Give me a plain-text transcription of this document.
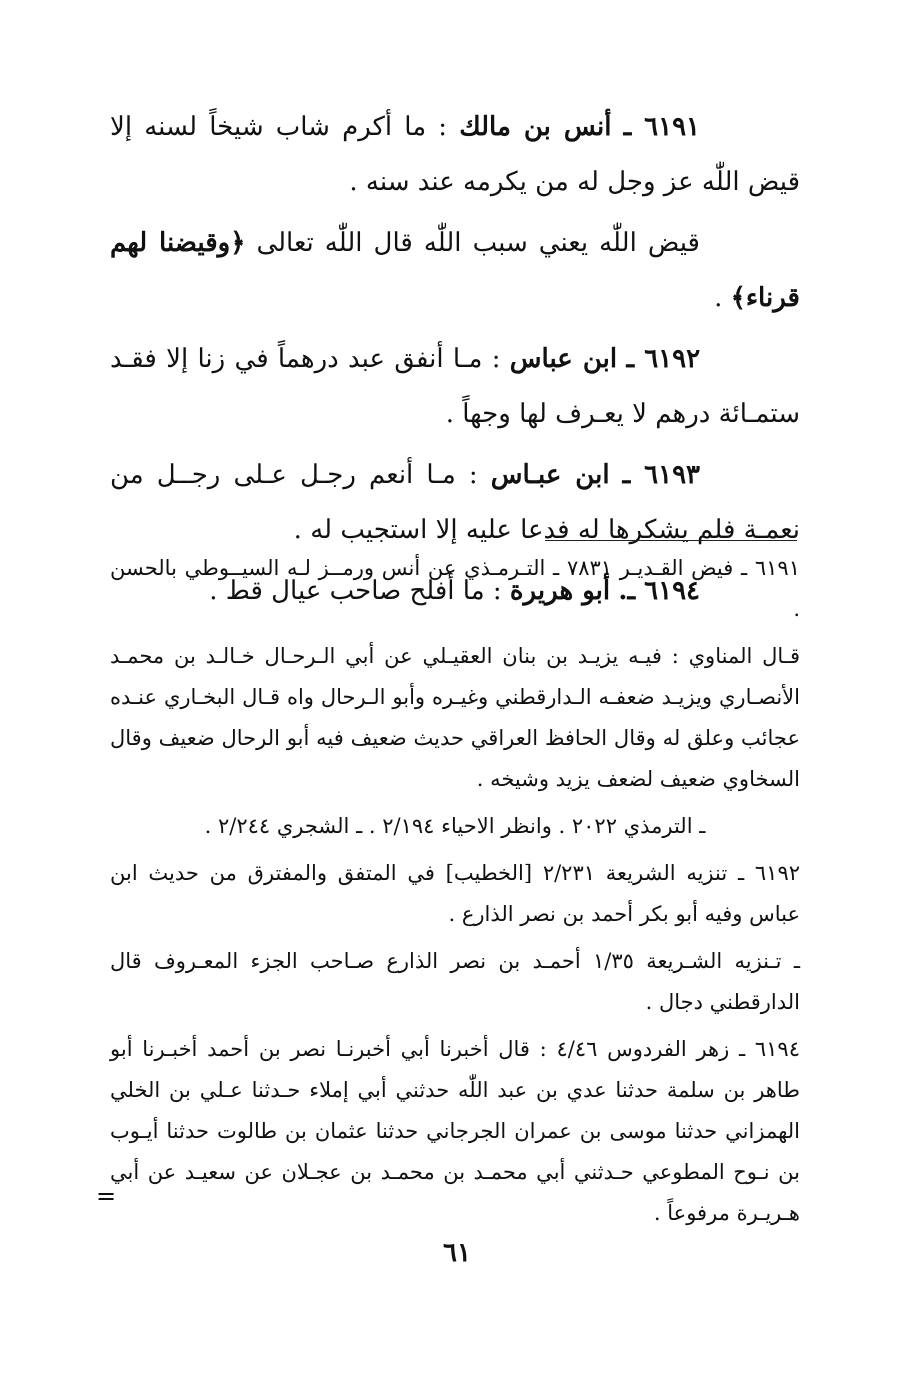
٦١٩١ ـ أنس بن مالك : ما أكرم شاب شيخاً لسنه إلا قيض اللّٰه عز وجل له من يكرمه عند سنه .

قيض اللّٰه يعني سبب اللّٰه قال اللّٰه تعالى ﴿وقيضنا لهم قرناء﴾ .

٦١٩٢ ـ ابن عباس : مـا أنفق عبد درهماً في زنا إلا فقـد ستمـائة درهم لا يعـرف لها وجهاً .

٦١٩٣ ـ ابن عبـاس : مـا أنعم رجـل عـلى رجــل من نعمـة فلم يشكرها له فدعا عليه إلا استجيب له .

٦١٩٤ ـ. أبو هريرة : ما أفلح صاحب عيال قط .

٦١٩١ ـ فيض القـديـر ٧٨٣١ ـ التـرمـذي عن أنس ورمــز لـه السيــوطي بالحسن .

قـال المناوي : فيـه يزيـد بن بنان العقيـلي عن أبي الـرحـال خـالـد بن محمـد الأنصـاري ويزيـد ضعفـه الـدارقطني وغيـره وأبو الـرحال واه قـال البخـاري عنـده عجائب وعلق له وقال الحافظ العراقي حديث ضعيف فيه أبو الرحال ضعيف وقال السخاوي ضعيف لضعف يزيد وشيخه .

ـ الترمذي ٢٠٢٢ . وانظر الاحياء ٢/١٩٤ . ـ الشجري ٢/٢٤٤ .

٦١٩٢ ـ تنزيه الشريعة ٢/٢٣١ [الخطيب] في المتفق والمفترق من حديث ابن عباس وفيه أبو بكر أحمد بن نصر الذارع .

ـ تـنزيه الشـريعة ١/٣٥ أحمـد بن نصر الذارع صـاحب الجزء المعـروف قال الدارقطني دجال .

٦١٩٤ ـ زهر الفردوس ٤/٤٦ : قال أخبرنا أبي أخبرنـا نصر بن أحمد أخبـرنا أبو طاهر بن سلمة حدثنا عدي بن عبد اللّٰه حدثني أبي إملاء حـدثنا عـلي بن الخلي الهمزاني حدثنا موسى بن عمران الجرجاني حدثنا عثمان بن طالوت حدثنا أيـوب بن نـوح المطوعي حـدثني أبي محمـد بن محمـد بن عجـلان عن سعيـد عن أبي هـريـرة مرفوعاً .

=
٦١
